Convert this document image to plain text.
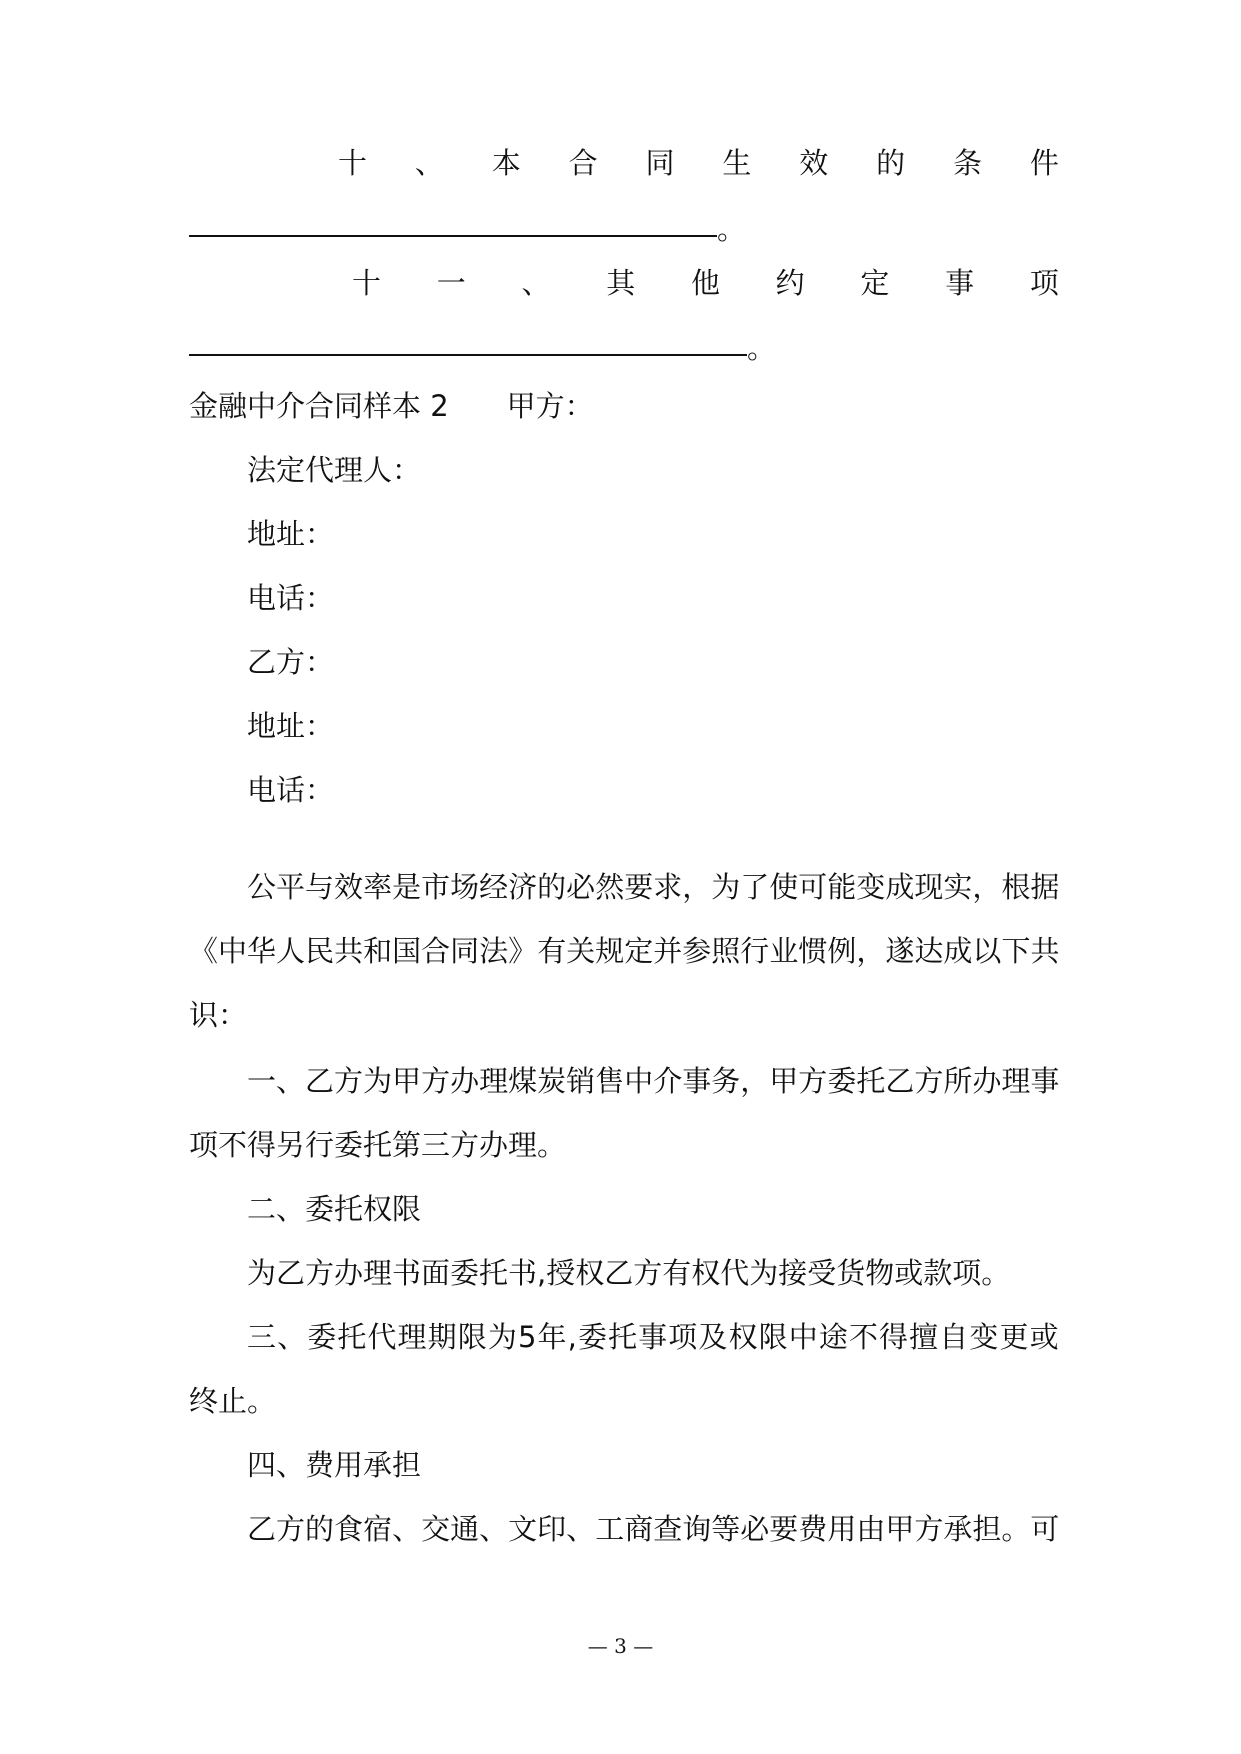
十 、 本 合 同 生 效 的 条 件
。
十 一 、 其 他 约 定 事 项
。
金融中介合同样本 2 甲方：
法定代理人：
地址：
电话：
乙方：
地址：
电话：
公 平 与 效 率 是 市 场 经 济 的 必 然 要 求 ， 为 了 使 可 能 变 成 现 实 ， 根 据
《 中 华 人 民 共 和 国 合 同 法 》 有 关 规 定 并 参 照 行 业 惯 例 ， 遂 达 成 以 下 共
识：
一 、 乙 方 为 甲 方 办 理 煤 炭 销 售 中 介 事 务 ， 甲 方 委 托 乙 方 所 办 理 事
项不得另行委托第三方办理。
二、委托权限
为乙方办理书面委托书,授权乙方有权代为接受货物或款项。
三 、 委 托 代 理 期 限 为 5 年 , 委 托 事 项 及 权 限 中 途 不 得 擅 自 变 更 或
终止。
四、费用承担
乙 方 的 食 宿 、 交 通 、 文 印 、 工 商 查 询 等 必 要 费 用 由 甲 方 承 担 。 可
— 3 —
